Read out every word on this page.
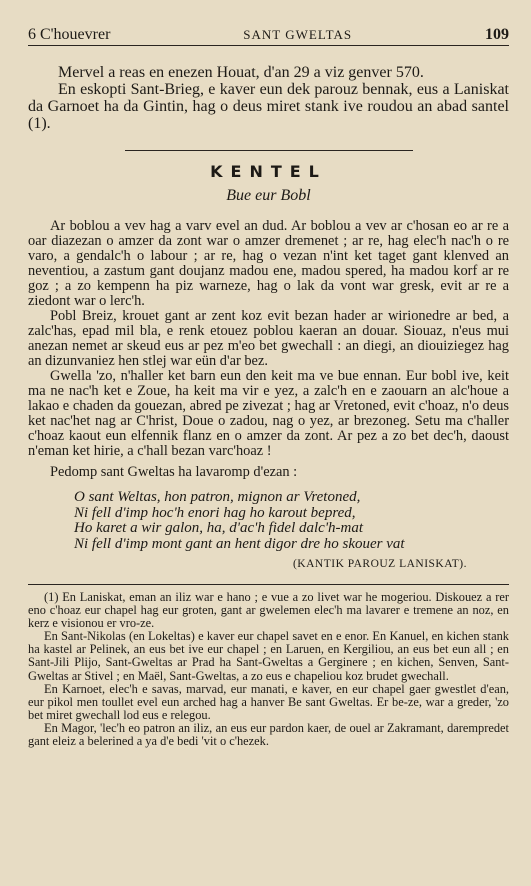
6 C'houevrer	SANT GWELTAS	109

Mervel a reas en enezen Houat, d'an 29 a viz genver 570.

En eskopti Sant-Brieg, e kaver eun dek parouz bennak, eus a Laniskat da Garnoet ha da Gintin, hag o deus miret stank ive roudou an abad santel (1).

KENTEL
Bue eur Bobl

Ar boblou a vev hag a varv evel an dud. Ar boblou a vev ar c'hosan eo ar re a oar diazezan o amzer da zont war o amzer dremenet ; ar re, hag elec'h nac'h o re varo, a gendalc'h o labour ; ar re, hag o vezan n'int ket taget gant klenved an neventiou, a zastum gant doujanz madou ene, madou spered, ha madou korf ar re goz ; a zo kempenn ha piz warneze, hag o lak da vont war gresk, evit ar re a ziedont war o lerc'h.

Pobl Breiz, krouet gant ar zent koz evit bezan hader ar wirionedre ar bed, a zalc'has, epad mil bla, e renk etouez poblou kaeran an douar. Siouaz, n'eus mui anezan nemet ar skeud eus ar pez m'eo bet gwechall : an diegi, an diouiziegez hag an dizunvaniez hen stlej war eün d'ar bez.

Gwella 'zo, n'haller ket barn eun den keit ma ve bue ennan. Eur bobl ive, keit ma ne nac'h ket e Zoue, ha keit ma vir e yez, a zalc'h en e zaouarn an alc'houe a lakao e chaden da gouezan, abred pe zivezat ; hag ar Vretoned, evit c'hoaz, n'o deus ket nac'het nag ar C'hrist, Doue o zadou, nag o yez, ar brezoneg. Setu ma c'haller c'hoaz kaout eun elfennik flanz en o amzer da zont. Ar pez a zo bet dec'h, daoust n'eman ket hirie, a c'hall bezan varc'hoaz !

Pedomp sant Gweltas ha lavaromp d'ezan :

O sant Weltas, hon patron, mignon ar Vretoned,
Ni fell d'imp hoc'h enori hag ho karout bepred,
Ho karet a wir galon, ha, d'ac'h fidel dalc'h-mat
Ni fell d'imp mont gant an hent digor dre ho skouer vat
(KANTIK PAROUZ LANISKAT).

(1) En Laniskat, eman an iliz war e hano ; e vue a zo livet war he mogeriou. Diskouez a rer eno c'hoaz eur chapel hag eur groten, gant ar gwelemen elec'h ma lavarer e tremene an noz, en kerz e visionou er vro-ze.

En Sant-Nikolas (en Lokeltas) e kaver eur chapel savet en e enor. En Kanuel, en kichen stank ha kastel ar Pelinek, an eus bet ive eur chapel ; en Laruen, en Kergiliou, an eus bet eun all ; en Sant-Jili Plijo, Sant-Gweltas ar Prad ha Sant-Gweltas a Gerginere ; en kichen, Senven, Sant-Gweltas ar Stivel ; en Maël, Sant-Gweltas, a zo eus e chapeliou koz brudet gwechall.

En Karnoet, elec'h e savas, marvad, eur manati, e kaver, en eur chapel gaer gwestlet d'ean, eur pikol men toullet evel eun arched hag a hanver Be sant Gweltas. Er be-ze, war a greder, 'zo bet miret gwechall lod eus e relegou.

En Magor, 'lec'h eo patron an iliz, an eus eur pardon kaer, de ouel ar Zakramant, darempredet gant eleiz a belerined a ya d'e bedi 'vit o c'hezek.
